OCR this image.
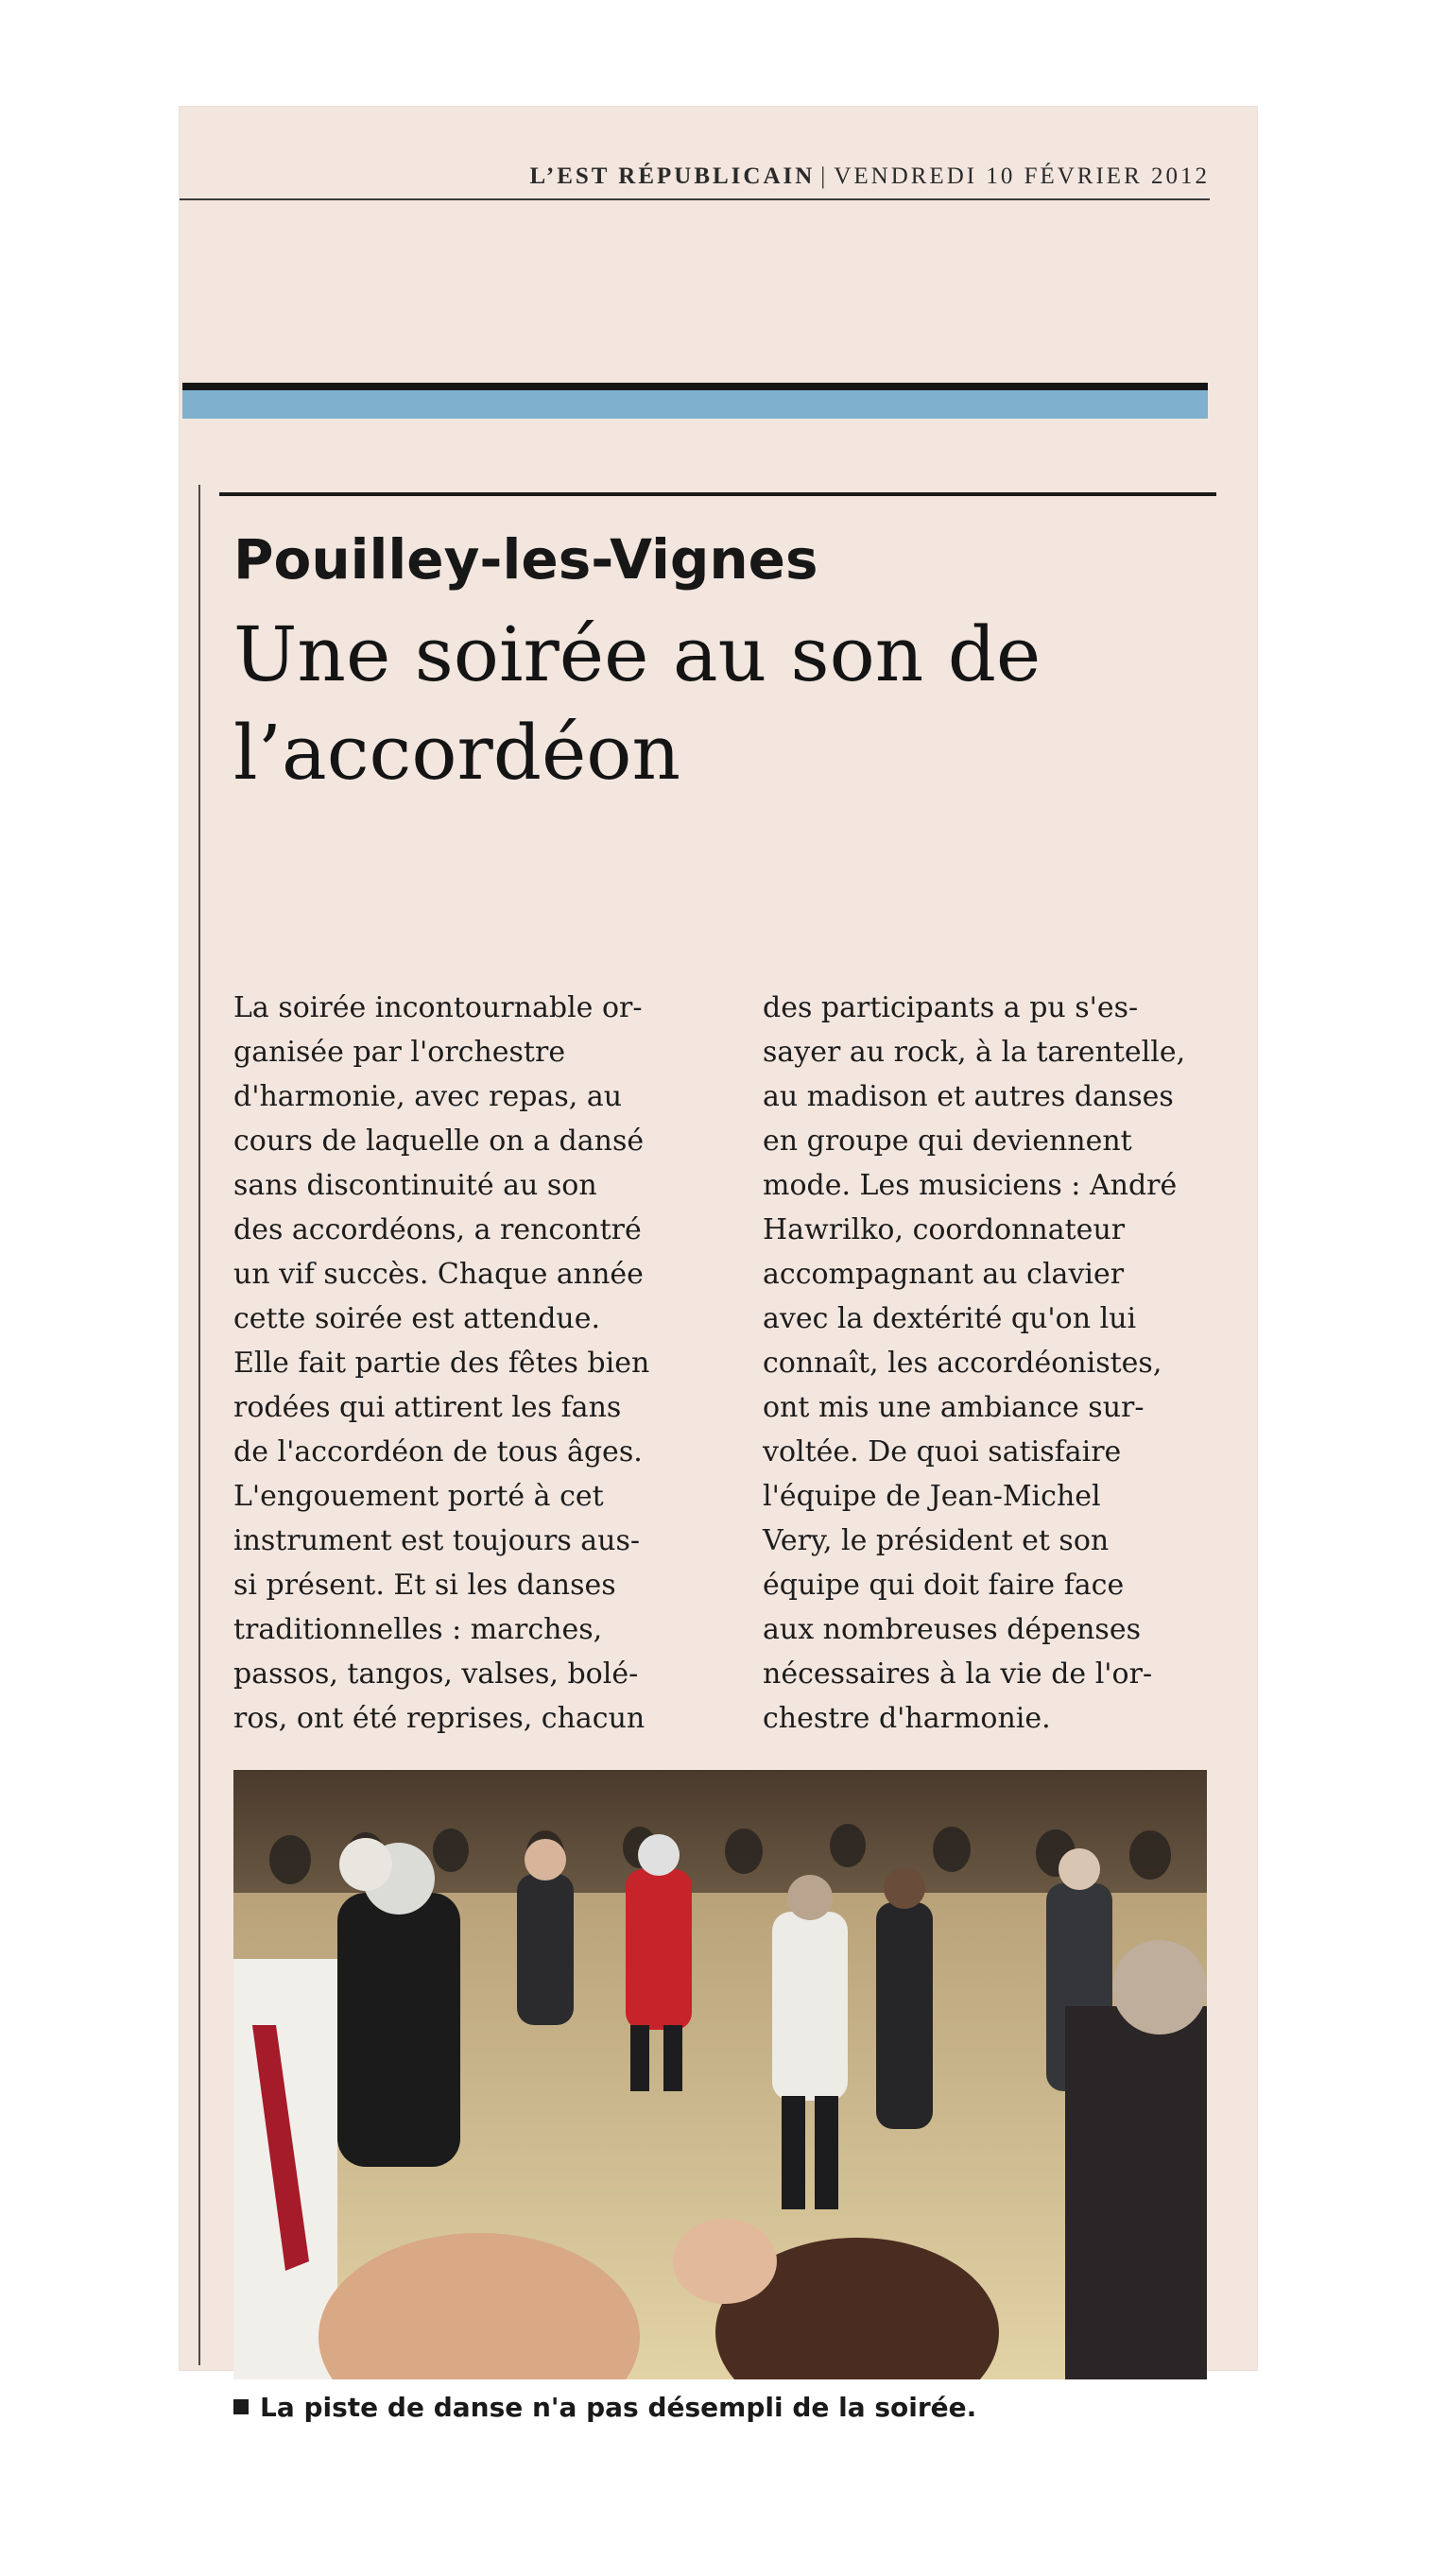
L’EST RÉPUBLICAIN | VENDREDI 10 FÉVRIER 2012
Pouilley-les-Vignes
Une soirée au son de l’accordéon
La soirée incontournable or-
ganisée par l'orchestre
d'harmonie, avec repas, au
cours de laquelle on a dansé
sans discontinuité au son
des accordéons, a rencontré
un vif succès. Chaque année
cette soirée est attendue.
Elle fait partie des fêtes bien
rodées qui attirent les fans
de l'accordéon de tous âges.
L'engouement porté à cet
instrument est toujours aus-
si présent. Et si les danses
traditionnelles : marches,
passos, tangos, valses, bolé-
ros, ont été reprises, chacun
des participants a pu s'es-
sayer au rock, à la tarentelle,
au madison et autres danses
en groupe qui deviennent
mode. Les musiciens : André
Hawrilko, coordonnateur
accompagnant au clavier
avec la dextérité qu'on lui
connaît, les accordéonistes,
ont mis une ambiance sur-
voltée. De quoi satisfaire
l'équipe de Jean-Michel
Very, le président et son
équipe qui doit faire face
aux nombreuses dépenses
nécessaires à la vie de l'or-
chestre d'harmonie.
La piste de danse n'a pas désempli de la soirée.
